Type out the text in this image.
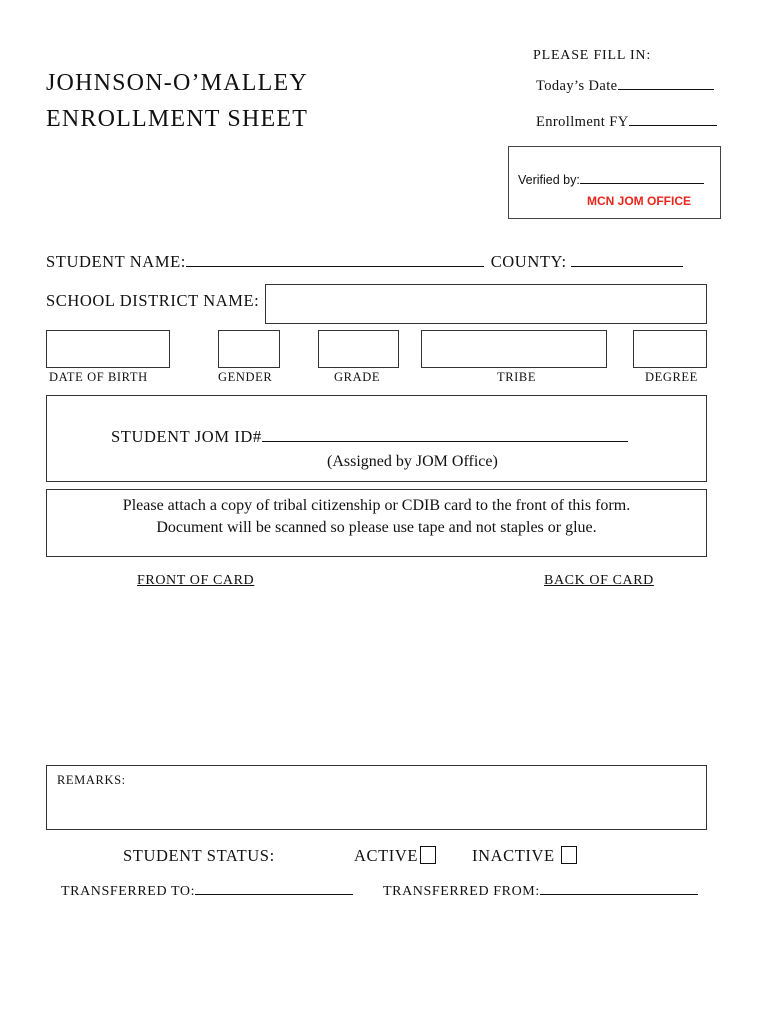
PLEASE FILL IN:
JOHNSON-O’MALLEY
ENROLLMENT SHEET
Today’s Date
Enrollment FY
Verified by:
MCN JOM OFFICE
STUDENT NAME:	COUNTY:
SCHOOL DISTRICT NAME:
DATE OF BIRTH	GENDER	GRADE	TRIBE	DEGREE
STUDENT JOM ID#
(Assigned by JOM Office)
Please attach a copy of tribal citizenship or CDIB card to the front of this form.
Document will be scanned so please use tape and not staples or glue.
FRONT OF CARD	BACK OF CARD
REMARKS:
STUDENT STATUS:	ACTIVE	INACTIVE
TRANSFERRED TO:	TRANSFERRED FROM:
